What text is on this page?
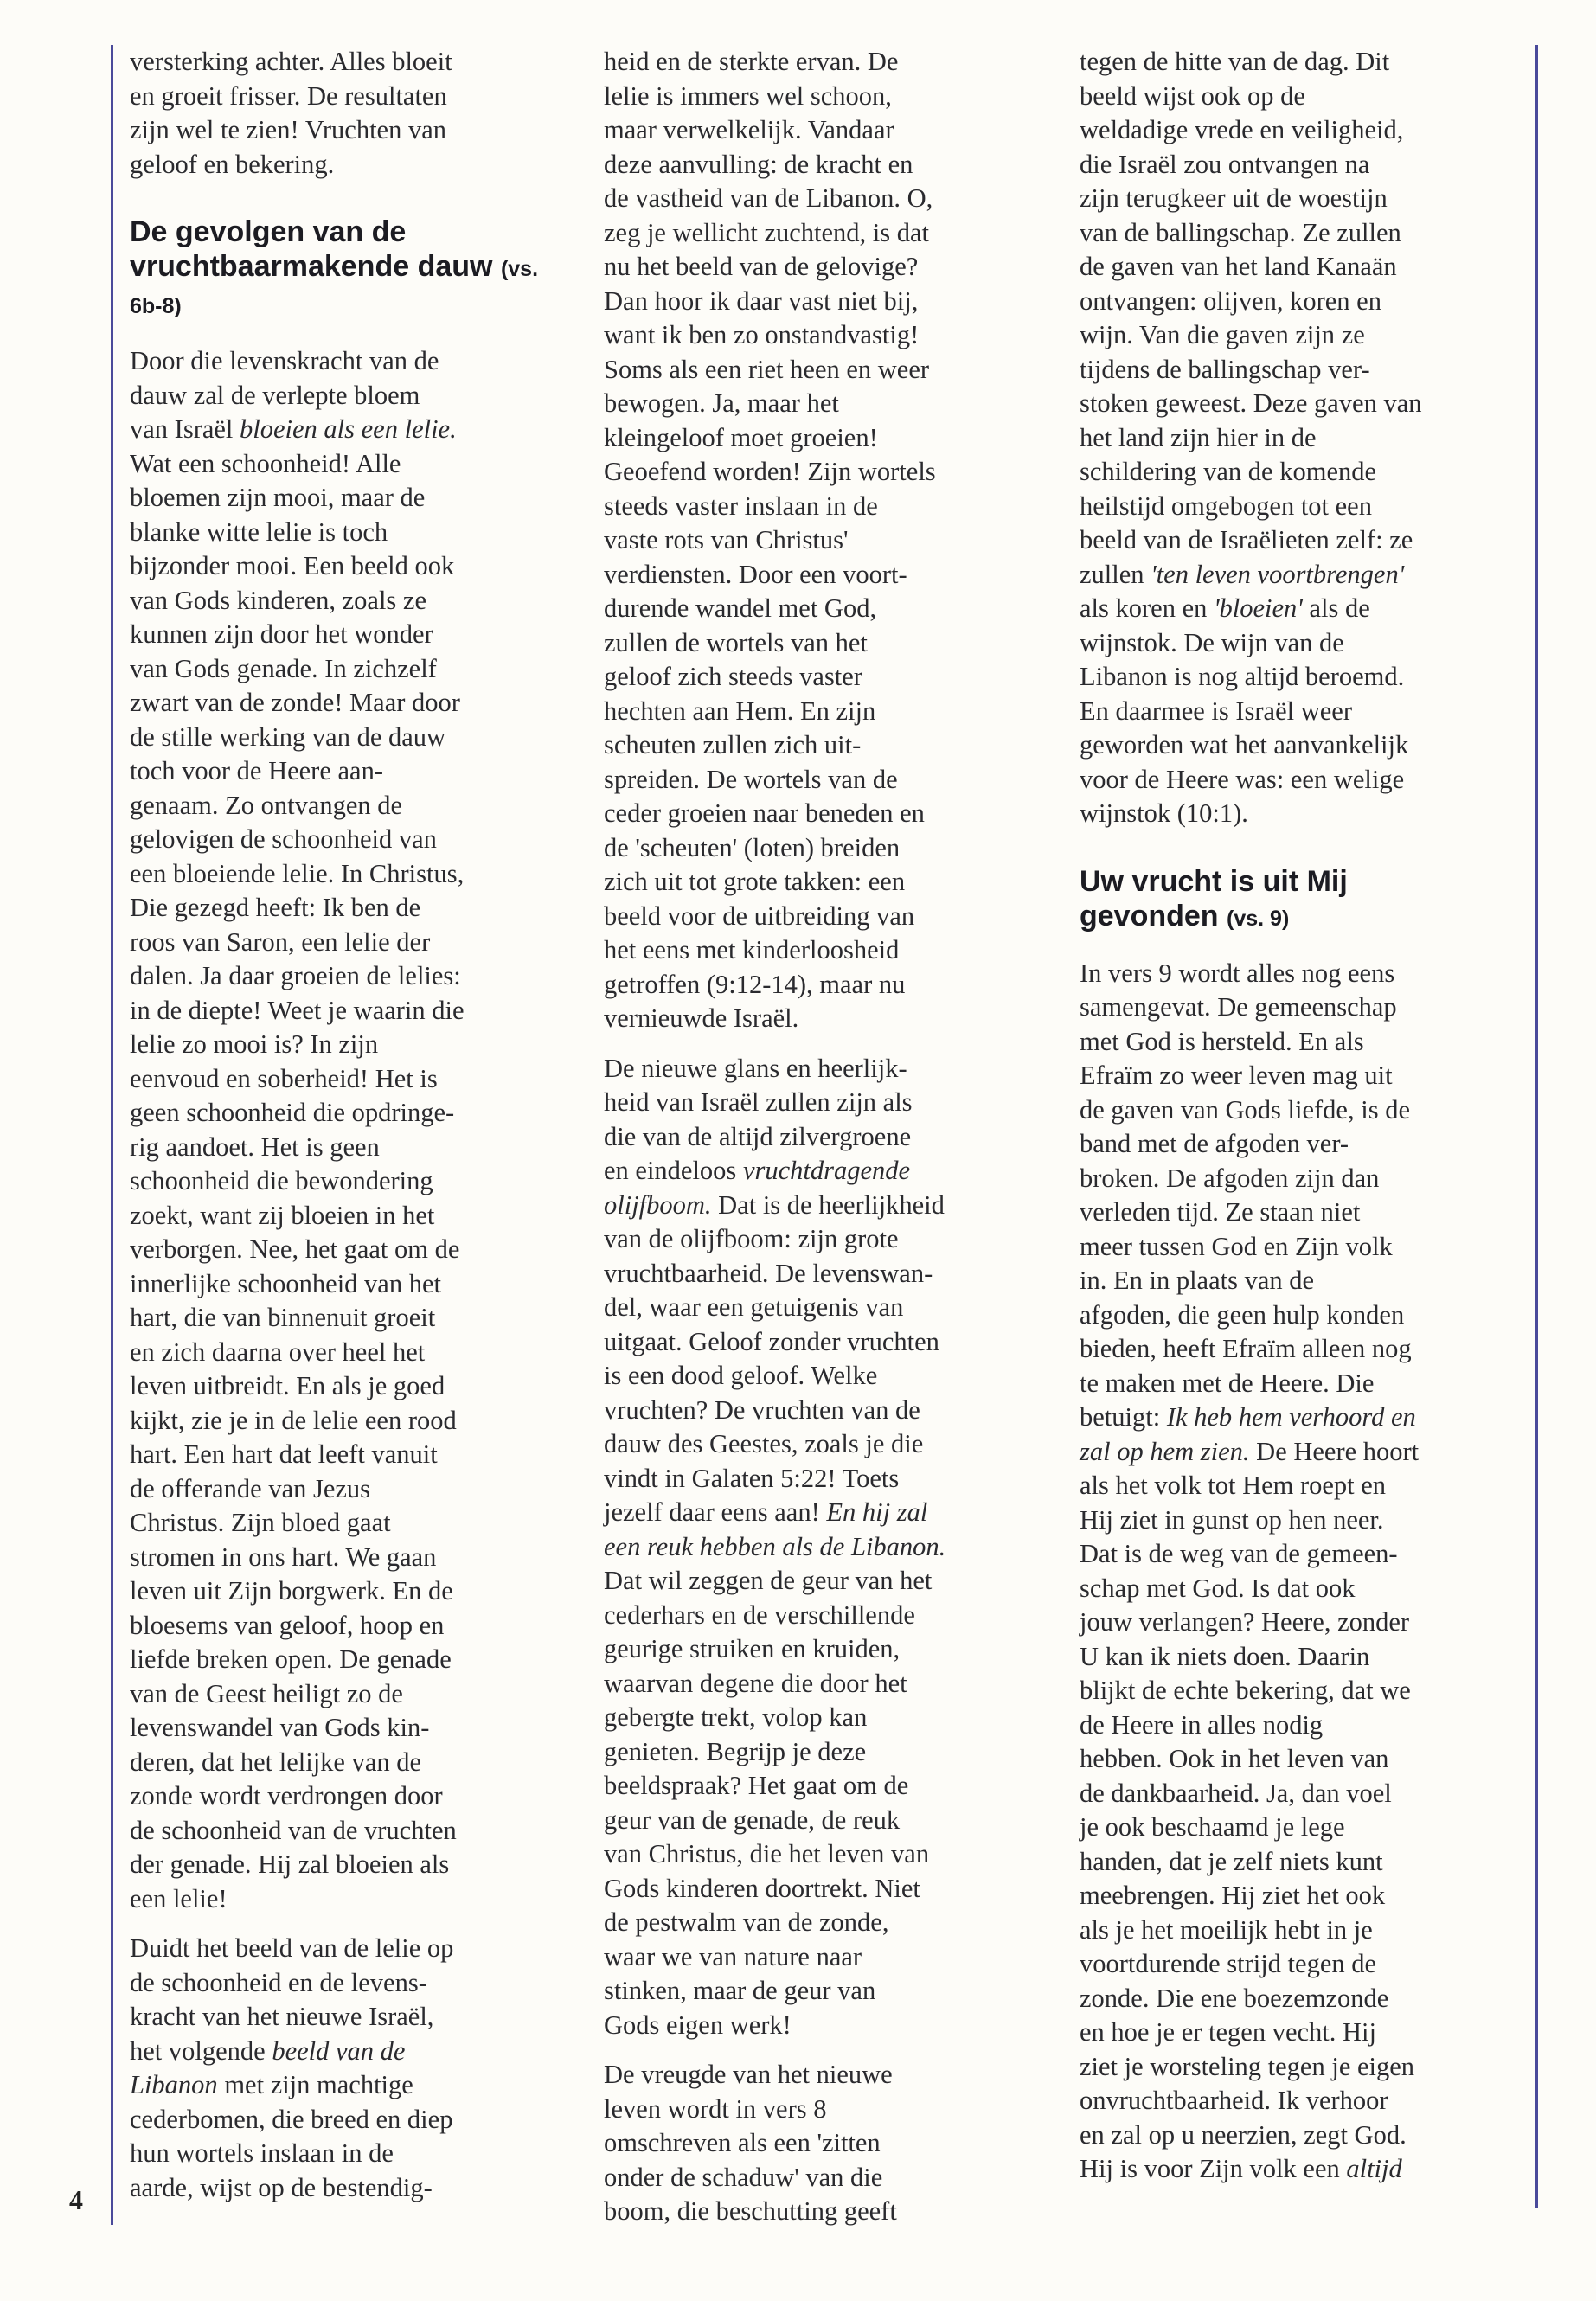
4

versterking achter. Alles bloeit
en groeit frisser. De resultaten
zijn wel te zien! Vruchten van
geloof en bekering.

De gevolgen van de
vruchtbaarmakende dauw (vs. 6b-8)

Door die levenskracht van de
dauw zal de verlepte bloem
van Israël bloeien als een lelie.
Wat een schoonheid! Alle
bloemen zijn mooi, maar de
blanke witte lelie is toch
bijzonder mooi. Een beeld ook
van Gods kinderen, zoals ze
kunnen zijn door het wonder
van Gods genade. In zichzelf
zwart van de zonde! Maar door
de stille werking van de dauw
toch voor de Heere aan-
genaam. Zo ontvangen de
gelovigen de schoonheid van
een bloeiende lelie. In Christus,
Die gezegd heeft: Ik ben de
roos van Saron, een lelie der
dalen. Ja daar groeien de lelies:
in de diepte! Weet je waarin die
lelie zo mooi is? In zijn
eenvoud en soberheid! Het is
geen schoonheid die opdringe-
rig aandoet. Het is geen
schoonheid die bewondering
zoekt, want zij bloeien in het
verborgen. Nee, het gaat om de
innerlijke schoonheid van het
hart, die van binnenuit groeit
en zich daarna over heel het
leven uitbreidt. En als je goed
kijkt, zie je in de lelie een rood
hart. Een hart dat leeft vanuit
de offerande van Jezus
Christus. Zijn bloed gaat
stromen in ons hart. We gaan
leven uit Zijn borgwerk. En de
bloesems van geloof, hoop en
liefde breken open. De genade
van de Geest heiligt zo de
levenswandel van Gods kin-
deren, dat het lelijke van de
zonde wordt verdrongen door
de schoonheid van de vruchten
der genade. Hij zal bloeien als
een lelie!

Duidt het beeld van de lelie op
de schoonheid en de levens-
kracht van het nieuwe Israël,
het volgende beeld van de
Libanon met zijn machtige
cederbomen, die breed en diep
hun wortels inslaan in de
aarde, wijst op de bestendig-

heid en de sterkte ervan. De
lelie is immers wel schoon,
maar verwelkelijk. Vandaar
deze aanvulling: de kracht en
de vastheid van de Libanon. O,
zeg je wellicht zuchtend, is dat
nu het beeld van de gelovige?
Dan hoor ik daar vast niet bij,
want ik ben zo onstandvastig!
Soms als een riet heen en weer
bewogen. Ja, maar het
kleingeloof moet groeien!
Geoefend worden! Zijn wortels
steeds vaster inslaan in de
vaste rots van Christus'
verdiensten. Door een voort-
durende wandel met God,
zullen de wortels van het
geloof zich steeds vaster
hechten aan Hem. En zijn
scheuten zullen zich uit-
spreiden. De wortels van de
ceder groeien naar beneden en
de 'scheuten' (loten) breiden
zich uit tot grote takken: een
beeld voor de uitbreiding van
het eens met kinderloosheid
getroffen (9:12-14), maar nu
vernieuwde Israël.

De nieuwe glans en heerlijk-
heid van Israël zullen zijn als
die van de altijd zilvergroene
en eindeloos vruchtdragende
olijfboom. Dat is de heerlijkheid
van de olijfboom: zijn grote
vruchtbaarheid. De levenswan-
del, waar een getuigenis van
uitgaat. Geloof zonder vruchten
is een dood geloof. Welke
vruchten? De vruchten van de
dauw des Geestes, zoals je die
vindt in Galaten 5:22! Toets
jezelf daar eens aan! En hij zal
een reuk hebben als de Libanon.
Dat wil zeggen de geur van het
cederhars en de verschillende
geurige struiken en kruiden,
waarvan degene die door het
gebergte trekt, volop kan
genieten. Begrijp je deze
beeldspraak? Het gaat om de
geur van de genade, de reuk
van Christus, die het leven van
Gods kinderen doortrekt. Niet
de pestwalm van de zonde,
waar we van nature naar
stinken, maar de geur van
Gods eigen werk!

De vreugde van het nieuwe
leven wordt in vers 8
omschreven als een 'zitten
onder de schaduw' van die
boom, die beschutting geeft

tegen de hitte van de dag. Dit
beeld wijst ook op de
weldadige vrede en veiligheid,
die Israël zou ontvangen na
zijn terugkeer uit de woestijn
van de ballingschap. Ze zullen
de gaven van het land Kanaän
ontvangen: olijven, koren en
wijn. Van die gaven zijn ze
tijdens de ballingschap ver-
stoken geweest. Deze gaven van
het land zijn hier in de
schildering van de komende
heilstijd omgebogen tot een
beeld van de Israëlieten zelf: ze
zullen 'ten leven voortbrengen'
als koren en 'bloeien' als de
wijnstok. De wijn van de
Libanon is nog altijd beroemd.
En daarmee is Israël weer
geworden wat het aanvankelijk
voor de Heere was: een welige
wijnstok (10:1).

Uw vrucht is uit Mij
gevonden (vs. 9)

In vers 9 wordt alles nog eens
samengevat. De gemeenschap
met God is hersteld. En als
Efraïm zo weer leven mag uit
de gaven van Gods liefde, is de
band met de afgoden ver-
broken. De afgoden zijn dan
verleden tijd. Ze staan niet
meer tussen God en Zijn volk
in. En in plaats van de
afgoden, die geen hulp konden
bieden, heeft Efraïm alleen nog
te maken met de Heere. Die
betuigt: Ik heb hem verhoord en
zal op hem zien. De Heere hoort
als het volk tot Hem roept en
Hij ziet in gunst op hen neer.
Dat is de weg van de gemeen-
schap met God. Is dat ook
jouw verlangen? Heere, zonder
U kan ik niets doen. Daarin
blijkt de echte bekering, dat we
de Heere in alles nodig
hebben. Ook in het leven van
de dankbaarheid. Ja, dan voel
je ook beschaamd je lege
handen, dat je zelf niets kunt
meebrengen. Hij ziet het ook
als je het moeilijk hebt in je
voortdurende strijd tegen de
zonde. Die ene boezemzonde
en hoe je er tegen vecht. Hij
ziet je worsteling tegen je eigen
onvruchtbaarheid. Ik verhoor
en zal op u neerzien, zegt God.
Hij is voor Zijn volk een altijd
